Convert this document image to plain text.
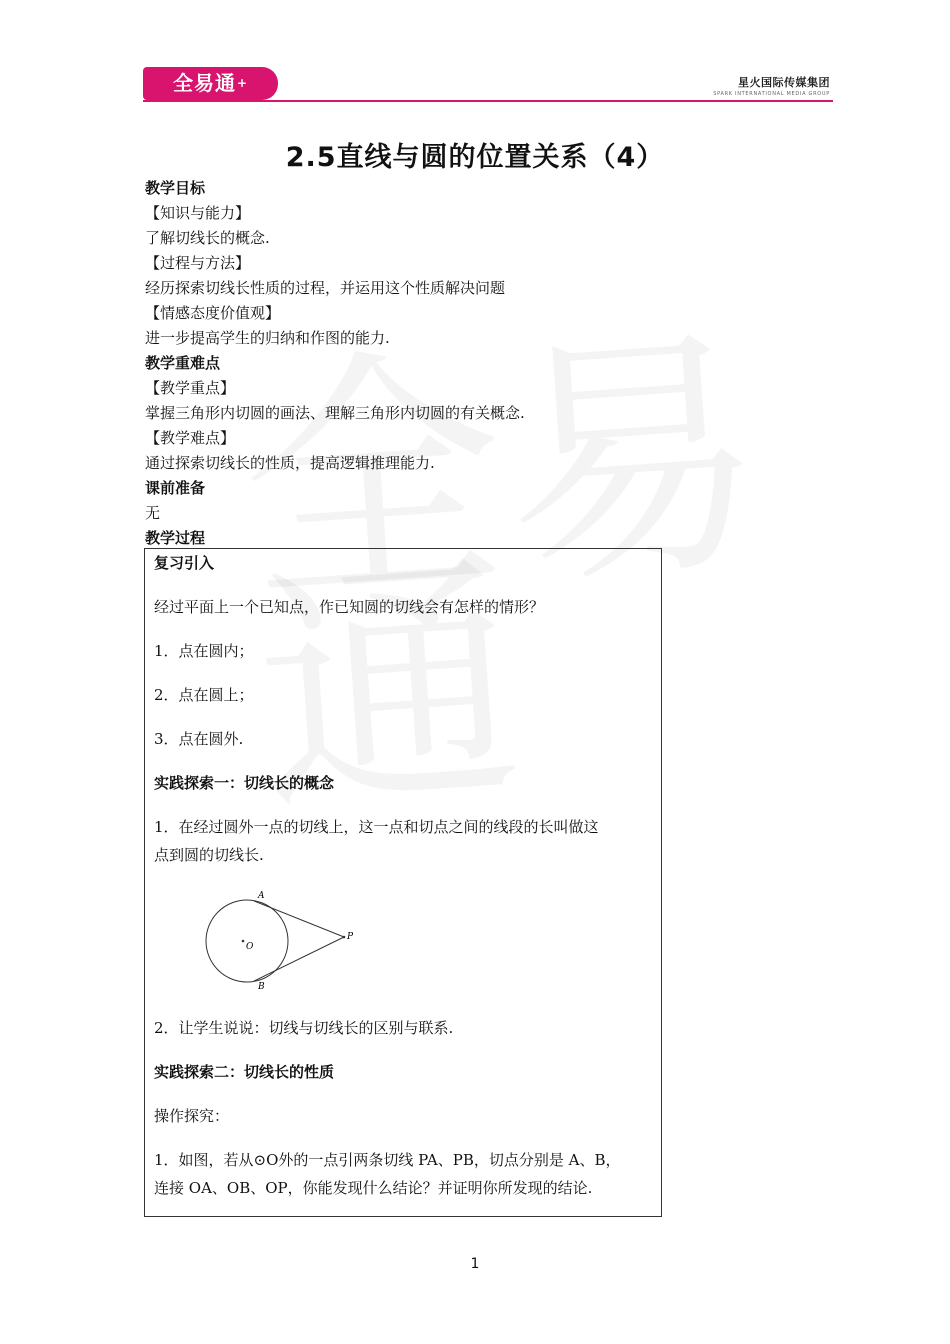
全易通+	星火国际传媒集团
SPARK INTERNATIONAL MEDIA GROUP
2.5直线与圆的位置关系（4）
教学目标
【知识与能力】
了解切线长的概念.
【过程与方法】
经历探索切线长性质的过程，并运用这个性质解决问题
【情感态度价值观】
进一步提高学生的归纳和作图的能力.
教学重难点
【教学重点】
掌握三角形内切圆的画法、理解三角形内切圆的有关概念.
【教学难点】
通过探索切线长的性质，提高逻辑推理能力.
课前准备
无
教学过程
复习引入
经过平面上一个已知点，作已知圆的切线会有怎样的情形？
1．点在圆内；
2．点在圆上；
3．点在圆外.
实践探索一：切线长的概念
1．在经过圆外一点的切线上，这一点和切点之间的线段的长叫做这
点到圆的切线长.
A
B
O
P
2．让学生说说：切线与切线长的区别与联系.
实践探索二：切线长的性质
操作探究：
1．如图，若从⊙O外的一点引两条切线 PA、PB，切点分别是 A、B，
连接 OA、OB、OP，你能发现什么结论？并证明你所发现的结论.
1
